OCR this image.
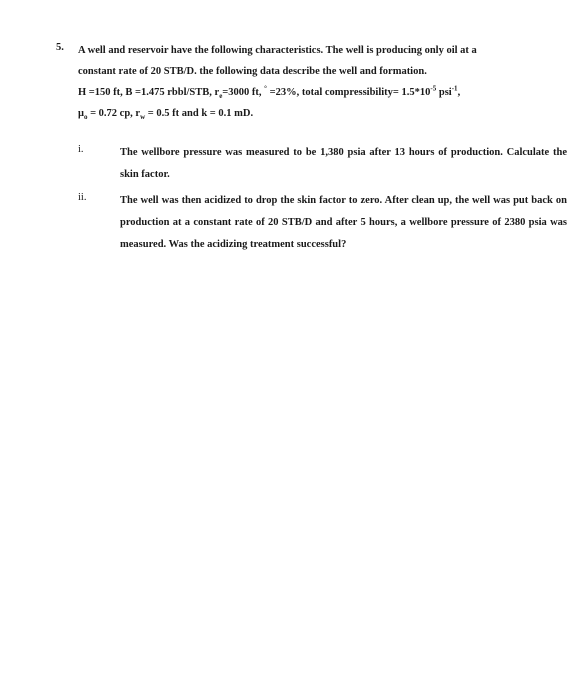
5.	A well and reservoir have the following characteristics. The well is producing only oil at a
constant rate of 20 STB/D. the following data describe the well and formation.
H =150 ft, B =1.475 rbbl/STB, $r_e=3000$ ft, ° =23%, total compressibility= $1.5*10^{-5}$ psi$^{-1}$,
$\mu_o = 0.72$ cp, $r_w = 0.5$ ft and k = 0.1 mD.
i.	The wellbore pressure was measured to be 1,380 psia after 13 hours of production. Calculate the skin factor.
ii.	The well was then acidized to drop the skin factor to zero. After clean up, the well was put back on production at a constant rate of 20 STB/D and after 5 hours, a wellbore pressure of 2380 psia was measured. Was the acidizing treatment successful?
